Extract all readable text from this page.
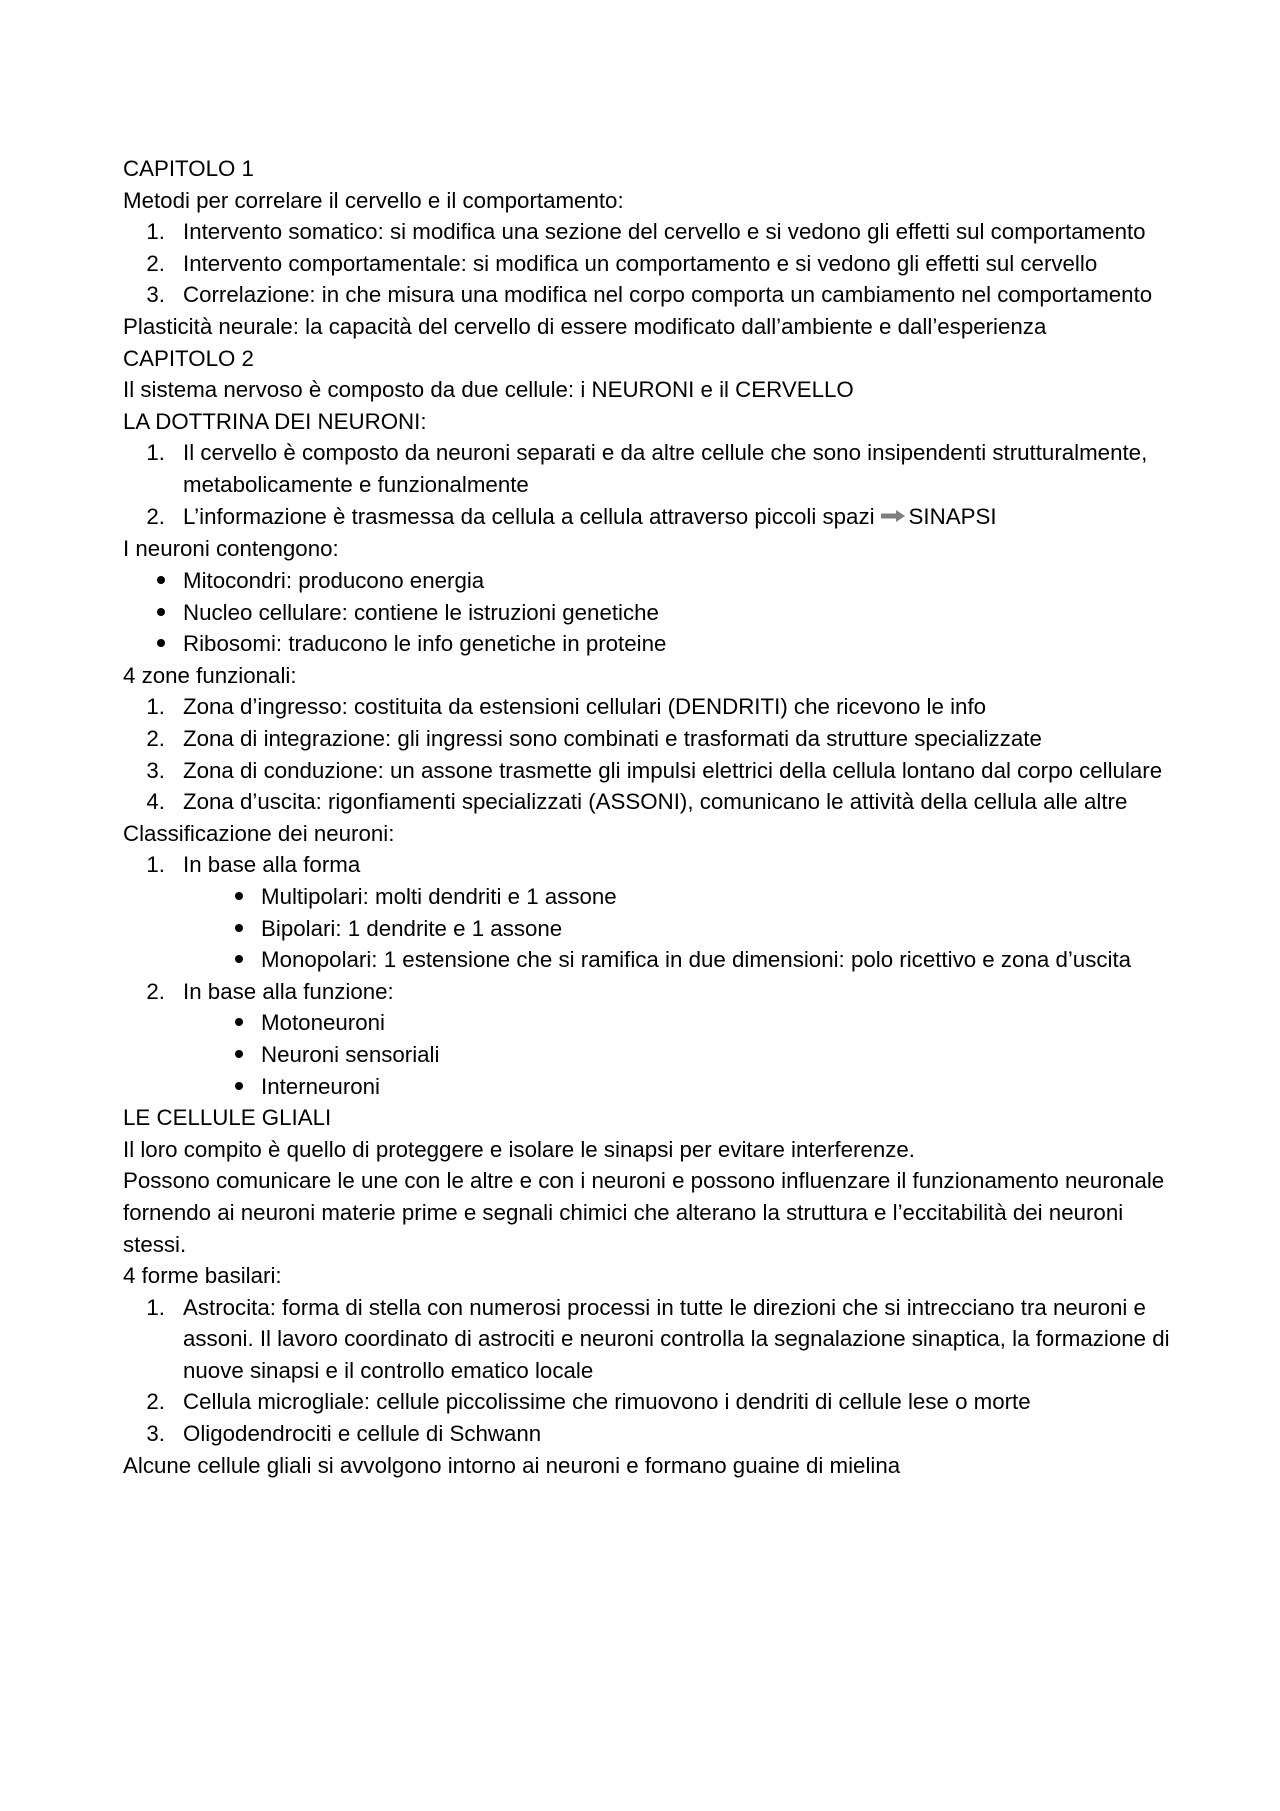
CAPITOLO 1
Metodi per correlare il cervello e il comportamento:
1. Intervento somatico: si modifica una sezione del cervello e si vedono gli effetti sul comportamento
2. Intervento comportamentale: si modifica un comportamento e si vedono gli effetti sul cervello
3. Correlazione: in che misura una modifica nel corpo comporta un cambiamento nel comportamento
Plasticità neurale: la capacità del cervello di essere modificato dall’ambiente e dall’esperienza
CAPITOLO 2
Il sistema nervoso è composto da due cellule: i NEURONI e il CERVELLO
LA DOTTRINA DEI NEURONI:
1. Il cervello è composto da neuroni separati e da altre cellule che sono insipendenti strutturalmente, metabolicamente e funzionalmente
2. L’informazione è trasmessa da cellula a cellula attraverso piccoli spazi SINAPSI
I neuroni contengono:
Mitocondri: producono energia
Nucleo cellulare: contiene le istruzioni genetiche
Ribosomi: traducono le info genetiche in proteine
4 zone funzionali:
1. Zona d’ingresso: costituita da estensioni cellulari (DENDRITI) che ricevono le info
2. Zona di integrazione: gli ingressi sono combinati e trasformati da strutture specializzate
3. Zona di conduzione: un assone trasmette gli impulsi elettrici della cellula lontano dal corpo cellulare
4. Zona d’uscita: rigonfiamenti specializzati (ASSONI), comunicano le attività della cellula alle altre
Classificazione dei neuroni:
1. In base alla forma
Multipolari: molti dendriti e 1 assone
Bipolari: 1 dendrite e 1 assone
Monopolari: 1 estensione che si ramifica in due dimensioni: polo ricettivo e zona d’uscita
2. In base alla funzione:
Motoneuroni
Neuroni sensoriali
Interneuroni
LE CELLULE GLIALI
Il loro compito è quello di proteggere e isolare le sinapsi per evitare interferenze.
Possono comunicare le une con le altre e con i neuroni e possono influenzare il funzionamento neuronale fornendo ai neuroni materie prime e segnali chimici che alterano la struttura e l’eccitabilità dei neuroni stessi.
4 forme basilari:
1. Astrocita: forma di stella con numerosi processi in tutte le direzioni che si intrecciano tra neuroni e assoni. Il lavoro coordinato di astrociti e neuroni controlla la segnalazione sinaptica, la formazione di nuove sinapsi e il controllo ematico locale
2. Cellula microgliale: cellule piccolissime che rimuovono i dendriti di cellule lese o morte
3. Oligodendrociti e cellule di Schwann
Alcune cellule gliali si avvolgono intorno ai neuroni e formano guaine di mielina
